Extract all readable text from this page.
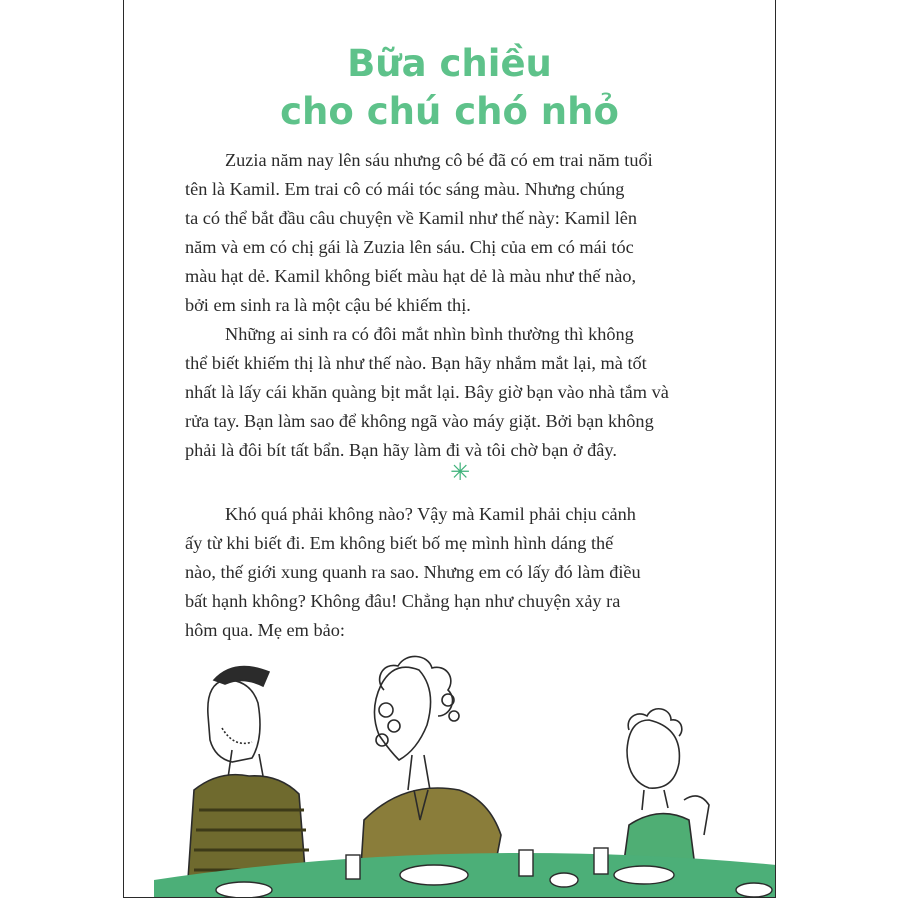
Bữa chiều
cho chú chó nhỏ
Zuzia năm nay lên sáu nhưng cô bé đã có em trai năm tuổi
tên là Kamil. Em trai cô có mái tóc sáng màu. Nhưng chúng
ta có thể bắt đầu câu chuyện về Kamil như thế này: Kamil lên
năm và em có chị gái là Zuzia lên sáu. Chị của em có mái tóc
màu hạt dẻ. Kamil không biết màu hạt dẻ là màu như thế nào,
bởi em sinh ra là một cậu bé khiếm thị.
Những ai sinh ra có đôi mắt nhìn bình thường thì không
thể biết khiếm thị là như thế nào. Bạn hãy nhắm mắt lại, mà tốt
nhất là lấy cái khăn quàng bịt mắt lại. Bây giờ bạn vào nhà tắm và
rửa tay. Bạn làm sao để không ngã vào máy giặt. Bởi bạn không
phải là đôi bít tất bẩn. Bạn hãy làm đi và tôi chờ bạn ở đây.
✳
Khó quá phải không nào? Vậy mà Kamil phải chịu cảnh
ấy từ khi biết đi. Em không biết bố mẹ mình hình dáng thế
nào, thế giới xung quanh ra sao. Nhưng em có lấy đó làm điều
bất hạnh không? Không đâu! Chẳng hạn như chuyện xảy ra
hôm qua. Mẹ em bảo:
